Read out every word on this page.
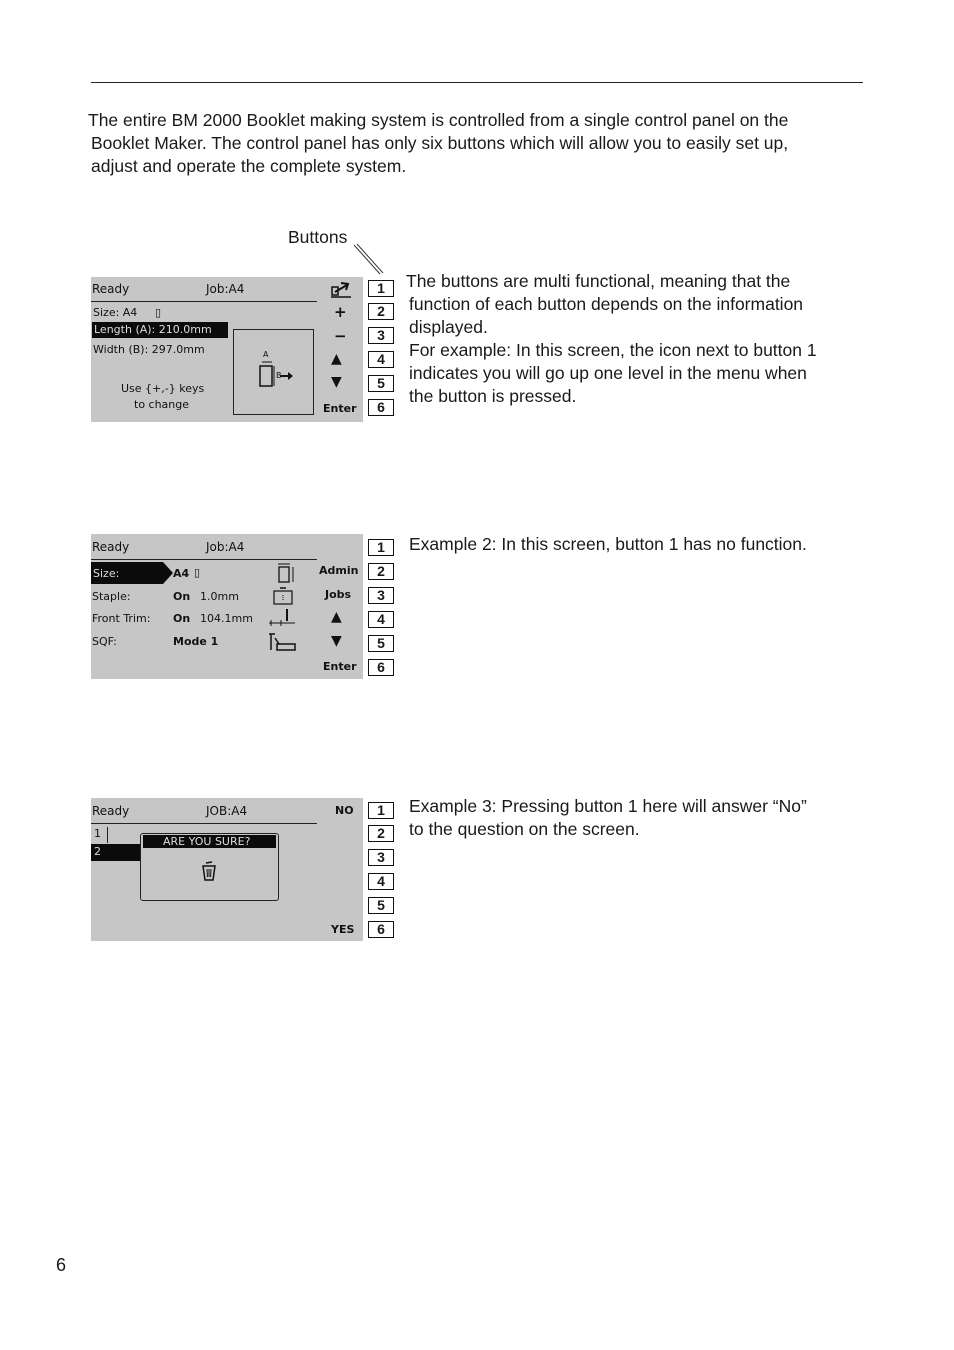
The entire BM 2000 Booklet making system is controlled from a single control panel on the
Booklet Maker. The control panel has only six buttons which will allow you to easily set up,
adjust and operate the complete system.
Buttons
Ready	Job:A4
Size: A4 ▯
Length (A): 210.0mm
Width (B): 297.0mm
Use {+,-} keys
to change
A
B
+
−
▲
▼
Enter
1
2
3
4
5
6
The buttons are multi functional, meaning that the
function of each button depends on the information
displayed.
For example: In this screen, the icon next to button 1
indicates you will go up one level in the menu when
the button is pressed.
Ready	Job:A4
Size:	A4 ▯
Staple:	On 1.0mm
Front Trim: On 104.1mm
SQF:	Mode 1
Admin
Jobs
▲
▼
Enter
1
2
3
4
5
6
Example 2: In this screen, button 1 has no function.
Ready	JOB:A4	NO
1
2
ARE YOU SURE?
YES
1
2
3
4
5
6
Example 3: Pressing button 1 here will answer “No”
to the question on the screen.
6
